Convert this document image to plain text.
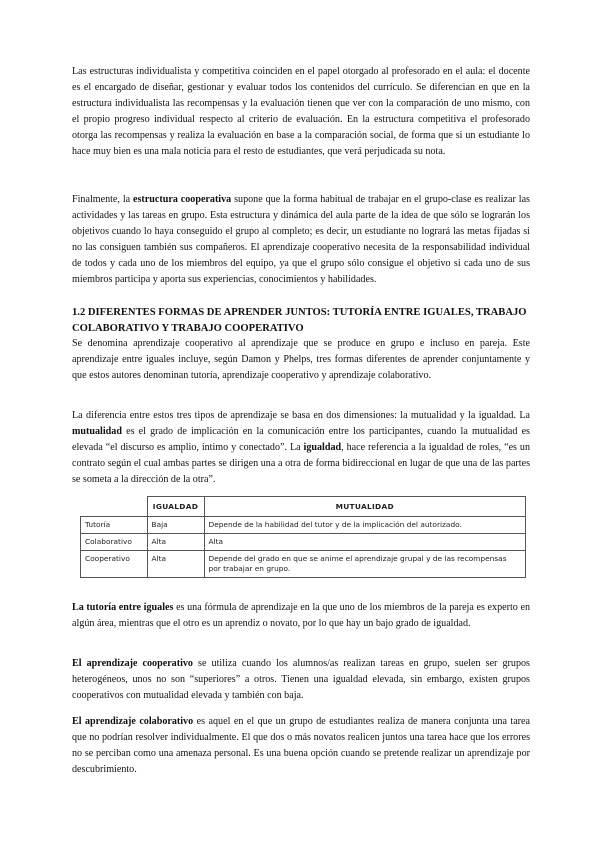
Las estructuras individualista y competitiva coinciden en el papel otorgado al profesorado en el aula: el docente es el encargado de diseñar, gestionar y evaluar todos los contenidos del currículo. Se diferencian en que en la estructura individualista las recompensas y la evaluación tienen que ver con la comparación de uno mismo, con el propio progreso individual respecto al criterio de evaluación. En la estructura competitiva el profesorado otorga las recompensas y realiza la evaluación en base a la comparación social, de forma que si un estudiante lo hace muy bien es una mala noticia para el resto de estudiantes, que verá perjudicada su nota.

Finalmente, la estructura cooperativa supone que la forma habitual de trabajar en el grupo-clase es realizar las actividades y las tareas en grupo. Esta estructura y dinámica del aula parte de la idea de que sólo se lograrán los objetivos cuando lo haya conseguido el grupo al completo; es decir, un estudiante no logrará las metas fijadas si no las consiguen también sus compañeros. El aprendizaje cooperativo necesita de la responsabilidad individual de todos y cada uno de los miembros del equipo, ya que el grupo sólo consigue el objetivo si cada uno de sus miembros participa y aporta sus experiencias, conocimientos y habilidades.

1.2 DIFERENTES FORMAS DE APRENDER JUNTOS: TUTORÍA ENTRE IGUALES, TRABAJO COLABORATIVO Y TRABAJO COOPERATIVO

Se denomina aprendizaje cooperativo al aprendizaje que se produce en grupo e incluso en pareja. Este aprendizaje entre iguales incluye, según Damon y Phelps, tres formas diferentes de aprender conjuntamente y que estos autores denominan tutoría, aprendizaje cooperativo y aprendizaje colaborativo.

La diferencia entre estos tres tipos de aprendizaje se basa en dos dimensiones: la mutualidad y la igualdad. La mutualidad es el grado de implicación en la comunicación entre los participantes, cuando la mutualidad es elevada “el discurso es amplio, íntimo y conectado”. La igualdad, hace referencia a la igualdad de roles, “es un contrato según el cual ambas partes se dirigen una a otra de forma bidireccional en lugar de que una de las partes se someta a la dirección de la otra”.

	IGUALDAD	MUTUALIDAD
Tutoría	Baja	Depende de la habilidad del tutor y de la implicación del autorizado.
Colaborativo	Alta	Alta
Cooperativo	Alta	Depende del grado en que se anime el aprendizaje grupal y de las recompensas por trabajar en grupo.

La tutoría entre iguales es una fórmula de aprendizaje en la que uno de los miembros de la pareja es experto en algún área, mientras que el otro es un aprendiz o novato, por lo que hay un bajo grado de igualdad.

El aprendizaje cooperativo se utiliza cuando los alumnos/as realizan tareas en grupo, suelen ser grupos heterogéneos, unos no son “superiores” a otros. Tienen una igualdad elevada, sin embargo, existen grupos cooperativos con mutualidad elevada y también con baja.

El aprendizaje colaborativo es aquel en el que un grupo de estudiantes realiza de manera conjunta una tarea que no podrían resolver individualmente. El que dos o más novatos realicen juntos una tarea hace que los errores no se perciban como una amenaza personal. Es una buena opción cuando se pretende realizar un aprendizaje por descubrimiento.
